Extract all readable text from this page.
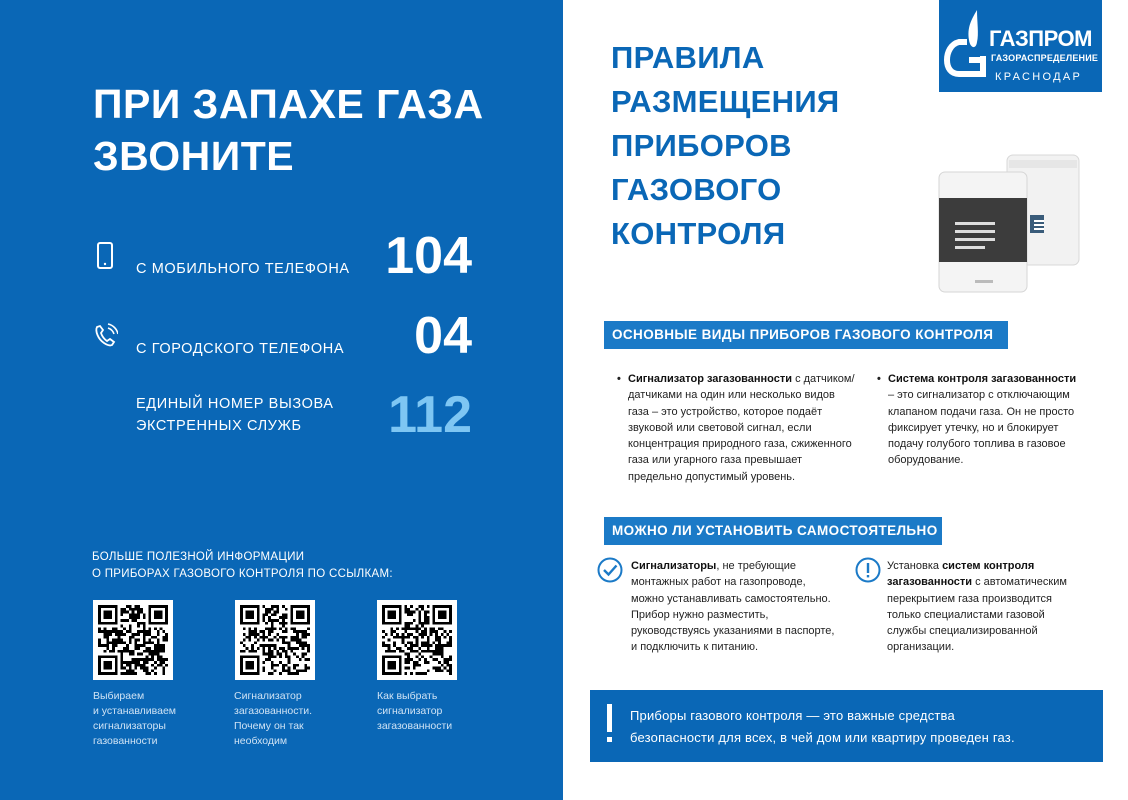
ПРИ ЗАПАХЕ ГАЗА
ЗВОНИТЕ
С МОБИЛЬНОГО ТЕЛЕФОНА 104
С ГОРОДСКОГО ТЕЛЕФОНА 04
ЕДИНЫЙ НОМЕР ВЫЗОВА
ЭКСТРЕННЫХ СЛУЖБ	112
БОЛЬШЕ ПОЛЕЗНОЙ ИНФОРМАЦИИ
О ПРИБОРАХ ГАЗОВОГО КОНТРОЛЯ ПО ССЫЛКАМ:
Выбираем
и устанавливаем
сигнализаторы
газованности
Сигнализатор
загазованности.
Почему он так
необходим
Как выбрать
сигнализатор
загазованности
ПРАВИЛА
РАЗМЕЩЕНИЯ
ПРИБОРОВ ГАЗОВОГО
КОНТРОЛЯ
ГАЗПРОМ
ГАЗОРАСПРЕДЕЛЕНИЕ
КРАСНОДАР
ОСНОВНЫЕ ВИДЫ ПРИБОРОВ ГАЗОВОГО КОНТРОЛЯ
• Сигнализатор загазованности с датчиком/ датчиками на один или несколько видов газа – это устройство, которое подаёт звуковой или световой сигнал, если концентрация природного газа, сжиженного газа или угарного газа превышает предельно допустимый уровень.
• Система контроля загазованности – это сигнализатор с отключающим клапаном подачи газа. Он не просто фиксирует утечку, но и блокирует подачу голубого топлива в газовое оборудование.
МОЖНО ЛИ УСТАНОВИТЬ САМОСТОЯТЕЛЬНО
Сигнализаторы, не требующие монтажных работ на газопроводе, можно устанавливать самостоятельно. Прибор нужно разместить, руководствуясь указаниями в паспорте, и подключить к питанию.
Установка систем контроля загазованности с автоматическим перекрытием газа производится только специалистами газовой службы специализированной организации.
Приборы газового контроля — это важные средства
безопасности для всех, в чей дом или квартиру проведен газ.
